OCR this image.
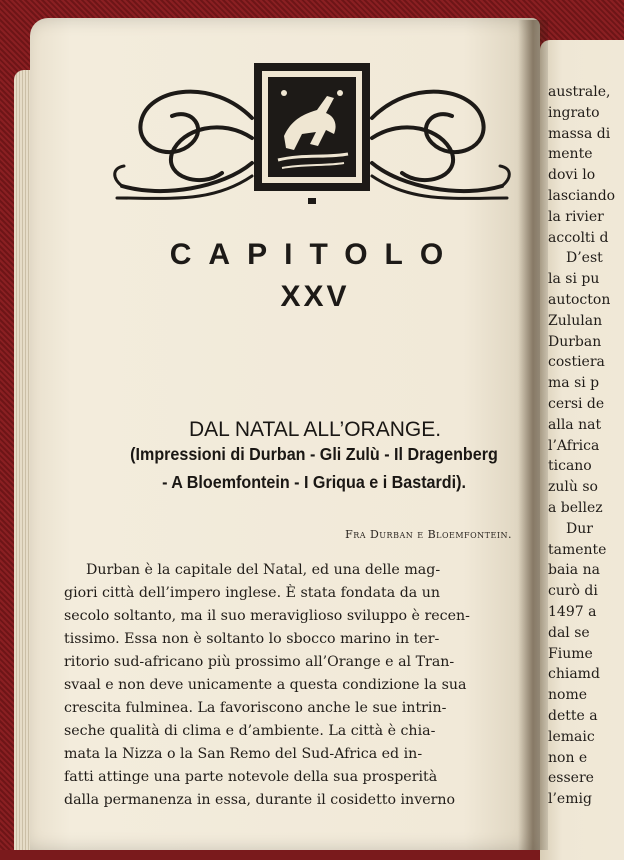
australe,
ingrato
massa di
mente
dovi lo
lasciando
la rivier
accolti d
D’est
la si pu
autocton
Zululan
Durban
costiera
ma si p
cersi de
alla nat
l’Africa
ticano
zulù so
a bellez
Dur
tamente
baia na
curò di
1497 a
dal se
Fiume
chiamd
nome
dette a
lemaic
non e
essere
l’emig
CAPITOLO
XXV
DAL NATAL ALL’ORANGE.
(Impressioni di Durban - Gli Zulù - Il Dragenberg
- A Bloemfontein - I Griqua e i Bastardi).
Fra Durban e Bloemfontein.
Durban è la capitale del Natal, ed una delle mag-
giori città dell’impero inglese. È stata fondata da un
secolo soltanto, ma il suo meraviglioso sviluppo è recen-
tissimo. Essa non è soltanto lo sbocco marino in ter-
ritorio sud-africano più prossimo all’Orange e al Tran-
svaal e non deve unicamente a questa condizione la sua
crescita fulminea. La favoriscono anche le sue intrin-
seche qualità di clima e d’ambiente. La città è chia-
mata la Nizza o la San Remo del Sud-Africa ed in-
fatti attinge una parte notevole della sua prosperità
dalla permanenza in essa, durante il cosidetto inverno
